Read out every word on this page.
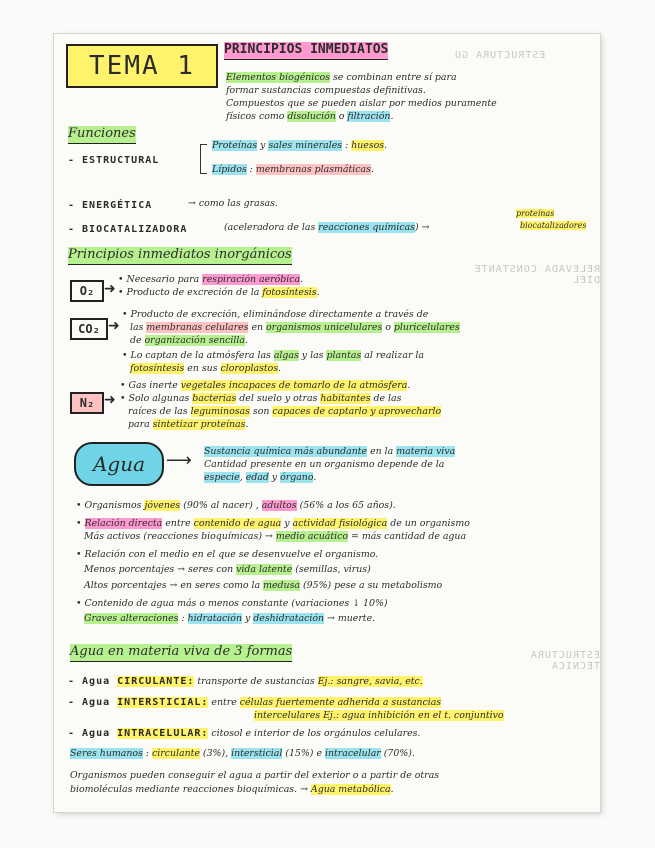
ESTRUCTURA GU
RELEVADA CONSTANTE DIEL
ESTRUCTURA TECNICA
TEMA 1
PRINCIPIOS INMEDIATOS
Elementos biogénicos se combinan entre sí para
formar sustancias compuestas definitivas.
Compuestos que se pueden aislar por medios puramente
físicos como disolución o filtración.
Funciones
- ESTRUCTURAL
Proteínas y sales minerales : huesos.
Lípidos : membranas plasmáticas.
- ENERGÉTICA	→ como las grasas.
- BIOCATALIZADORA	(aceleradora de las reacciones químicas) →
proteínas
biocatalizadores
Principios inmediatos inorgánicos
O₂ ➜
• Necesario para respiración aeróbica.
• Producto de excreción de la fotosíntesis.
CO₂ ➜
• Producto de excreción, eliminándose directamente a través de
las membranas celulares en organismos unicelulares o pluricelulares
de organización sencilla.
• Lo captan de la atmósfera las algas y las plantas al realizar la
fotosíntesis en sus cloroplastos.
N₂ ➜
• Gas inerte vegetales incapaces de tomarlo de la atmósfera.
• Solo algunas bacterias del suelo y otras habitantes de las
raíces de las leguminosas son capaces de captarlo y aprovecharlo
para sintetizar proteínas.
Agua	⟶ Sustancia química más abundante en la materia viva
Cantidad presente en un organismo depende de la
especie, edad y órgano.
• Organismos jóvenes (90% al nacer) , adultos (56% a los 65 años).
• Relación directa entre contenido de agua y actividad fisiológica de un organismo
Más activos (reacciones bioquímicas) → medio acuático = más cantidad de agua
• Relación con el medio en el que se desenvuelve el organismo.
Menos porcentajes → seres con vida latente (semillas, virus)
Altos porcentajes → en seres como la medusa (95%) pese a su metabolismo
• Contenido de agua más o menos constante (variaciones ↓ 10%)
Graves alteraciones : hidratación y deshidratación → muerte.
Agua en materia viva de 3 formas
- Agua CIRCULANTE: transporte de sustancias Ej.: sangre, savia, etc.
- Agua INTERSTICIAL: entre células fuertemente adherida a sustancias
intercelulares Ej.: agua inhibición en el t. conjuntivo
- Agua INTRACELULAR: citosol e interior de los orgánulos celulares.
Seres humanos : circulante (3%), intersticial (15%) e intracelular (70%).
Organismos pueden conseguir el agua a partir del exterior o a partir de otras
biomoléculas mediante reacciones bioquímicas. → Agua metabólica.
